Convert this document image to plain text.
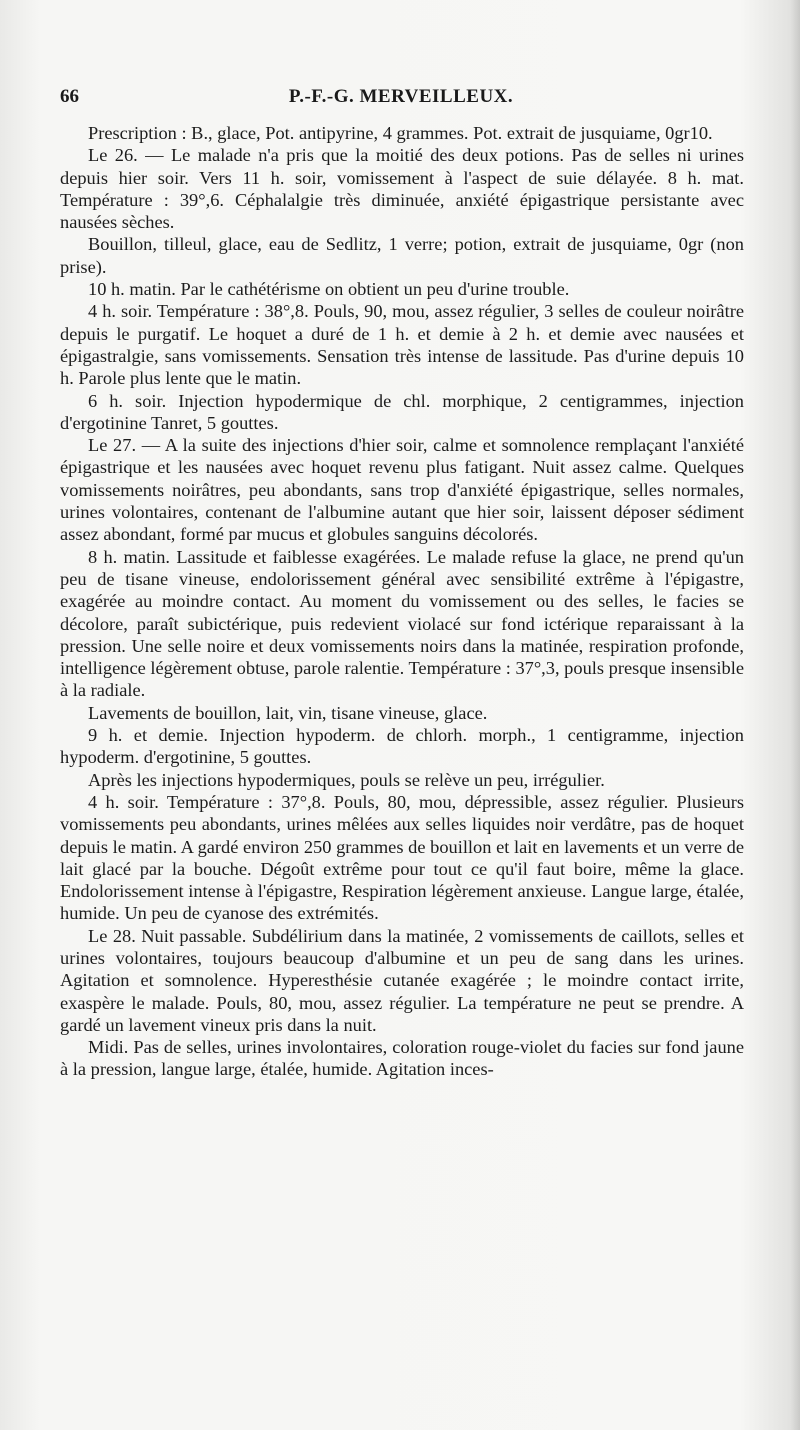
66	P.-F.-G. MERVEILLEUX.

Prescription : B., glace, Pot. antipyrine, 4 grammes. Pot. extrait de jusquiame, 0gr10.

Le 26. — Le malade n'a pris que la moitié des deux potions. Pas de selles ni urines depuis hier soir. Vers 11 h. soir, vomissement à l'aspect de suie délayée. 8 h. mat. Température : 39°,6. Céphalalgie très diminuée, anxiété épigastrique persistante avec nausées sèches.

Bouillon, tilleul, glace, eau de Sedlitz, 1 verre; potion, extrait de jusquiame, 0gr (non prise).

10 h. matin. Par le cathétérisme on obtient un peu d'urine trouble.

4 h. soir. Température : 38°,8. Pouls, 90, mou, assez régulier, 3 selles de couleur noirâtre depuis le purgatif. Le hoquet a duré de 1 h. et demie à 2 h. et demie avec nausées et épigastralgie, sans vomissements. Sensation très intense de lassitude. Pas d'urine depuis 10 h. Parole plus lente que le matin.

6 h. soir. Injection hypodermique de chl. morphique, 2 centigrammes, injection d'ergotinine Tanret, 5 gouttes.

Le 27. — A la suite des injections d'hier soir, calme et somnolence remplaçant l'anxiété épigastrique et les nausées avec hoquet revenu plus fatigant. Nuit assez calme. Quelques vomissements noirâtres, peu abondants, sans trop d'anxiété épigastrique, selles normales, urines volontaires, contenant de l'albumine autant que hier soir, laissent déposer sédiment assez abondant, formé par mucus et globules sanguins décolorés.

8 h. matin. Lassitude et faiblesse exagérées. Le malade refuse la glace, ne prend qu'un peu de tisane vineuse, endolorissement général avec sensibilité extrême à l'épigastre, exagérée au moindre contact. Au moment du vomissement ou des selles, le facies se décolore, paraît subictérique, puis redevient violacé sur fond ictérique reparaissant à la pression. Une selle noire et deux vomissements noirs dans la matinée, respiration profonde, intelligence légèrement obtuse, parole ralentie. Température : 37°,3, pouls presque insensible à la radiale.

Lavements de bouillon, lait, vin, tisane vineuse, glace.

9 h. et demie. Injection hypoderm. de chlorh. morph., 1 centigramme, injection hypoderm. d'ergotinine, 5 gouttes.

Après les injections hypodermiques, pouls se relève un peu, irrégulier.

4 h. soir. Température : 37°,8. Pouls, 80, mou, dépressible, assez régulier. Plusieurs vomissements peu abondants, urines mêlées aux selles liquides noir verdâtre, pas de hoquet depuis le matin. A gardé environ 250 grammes de bouillon et lait en lavements et un verre de lait glacé par la bouche. Dégoût extrême pour tout ce qu'il faut boire, même la glace. Endolorissement intense à l'épigastre, Respiration légèrement anxieuse. Langue large, étalée, humide. Un peu de cyanose des extrémités.

Le 28. Nuit passable. Subdélirium dans la matinée, 2 vomissements de caillots, selles et urines volontaires, toujours beaucoup d'albumine et un peu de sang dans les urines. Agitation et somnolence. Hyperesthésie cutanée exagérée ; le moindre contact irrite, exaspère le malade. Pouls, 80, mou, assez régulier. La température ne peut se prendre. A gardé un lavement vineux pris dans la nuit.

Midi. Pas de selles, urines involontaires, coloration rouge-violet du facies sur fond jaune à la pression, langue large, étalée, humide. Agitation inces-
